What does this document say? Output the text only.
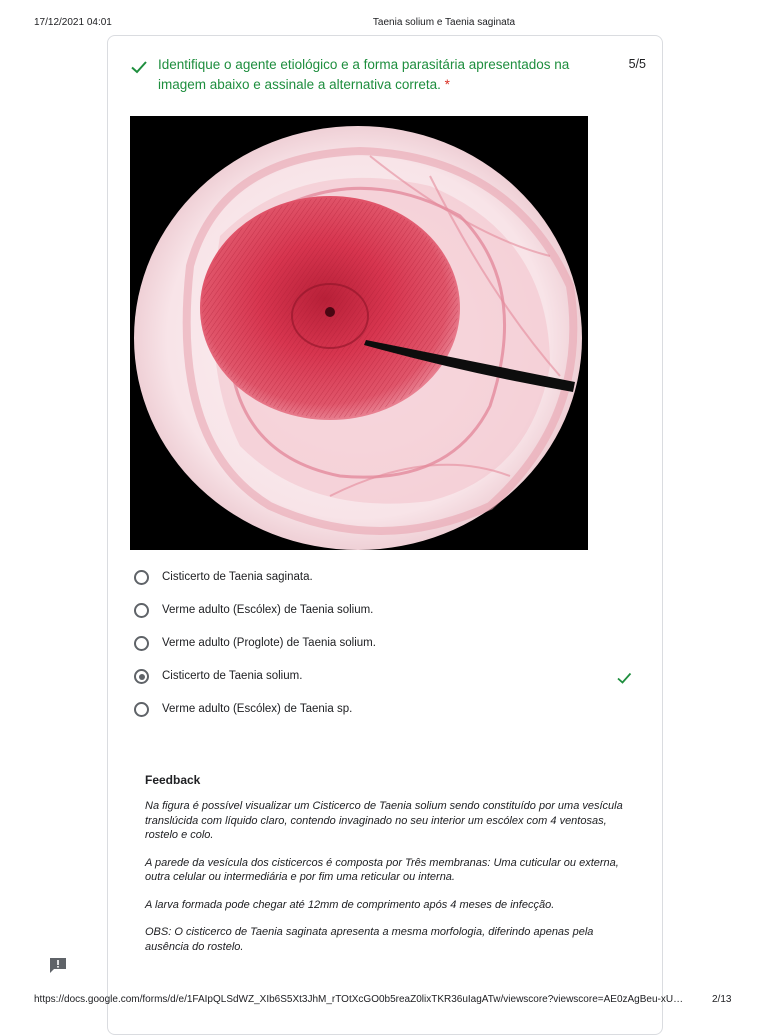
17/12/2021 04:01	Taenia solium e Taenia saginata
Identifique o agente etiológico e a forma parasitária apresentados na imagem abaixo e assinale a alternativa correta. *
5/5
Cisticerto de Taenia saginata.
Verme adulto (Escólex) de Taenia solium.
Verme adulto (Proglote) de Taenia solium.
Cisticerto de Taenia solium.
Verme adulto (Escólex) de Taenia sp.
Feedback

Na figura é possível visualizar um Cisticerco de Taenia solium sendo constituído por uma vesícula translúcida com líquido claro, contendo invaginado no seu interior um escólex com 4 ventosas, rostelo e colo.

A parede da vesícula dos cisticercos é composta por Três membranas: Uma cuticular ou externa, outra celular ou intermediária e por fim uma reticular ou interna.

A larva formada pode chegar até 12mm de comprimento após 4 meses de infecção.

OBS: O cisticerco de Taenia saginata apresenta a mesma morfologia, diferindo apenas pela ausência do rostelo.

https://docs.google.com/forms/d/e/1FAIpQLSdWZ_XIb6S5Xt3JhM_rTOtXcGO0b5reaZ0lixTKR36uIagATw/viewscore?viewscore=AE0zAgBeu-xU…	2/13
